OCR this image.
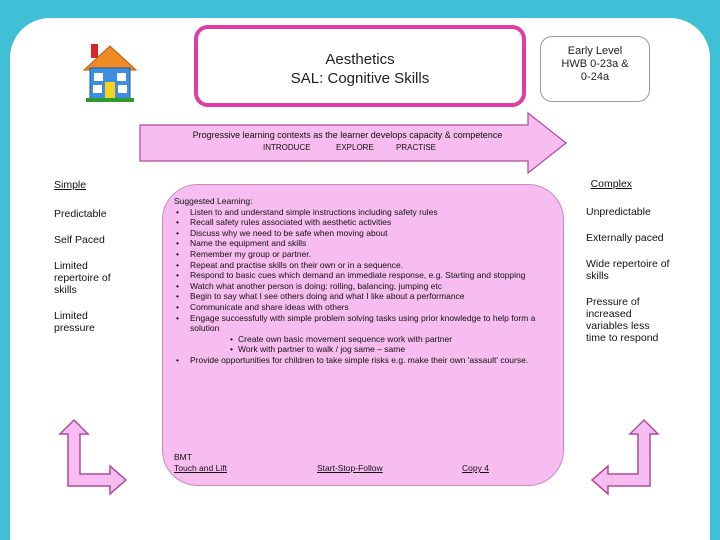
Aesthetics
SAL: Cognitive Skills
Early Level
HWB 0-23a &
0-24a
Progressive learning contexts as the learner develops capacity & competence
INTRODUCE	EXPLORE	PRACTISE
Simple
Predictable
Self Paced
Limited repertoire of skills
Limited pressure
Complex
Unpredictable
Externally paced
Wide repertoire of skills
Pressure of increased variables less time to respond
Suggested Learning:
• Listen to and understand simple instructions including safety rules
• Recall safety rules associated with aesthetic activities
• Discuss why we need to be safe when moving about
• Name the equipment and skills
• Remember my group or partner.
• Repeat and practise skills on their own or in a sequence.
• Respond to basic cues which demand an immediate response, e.g. Starting and stopping
• Watch what another person is doing: rolling, balancing, jumping etc
• Begin to say what I see others doing and what I like about a performance
• Communicate and share ideas with others
• Engage successfully with simple problem solving tasks using prior knowledge to help form a solution
• Create own basic movement sequence work with partner
• Work with partner to walk / jog same – same
• Provide opportunities for children to take simple risks e.g. make their own 'assault' course.
BMT
Touch and Lift	Start-Stop-Follow	Copy 4
